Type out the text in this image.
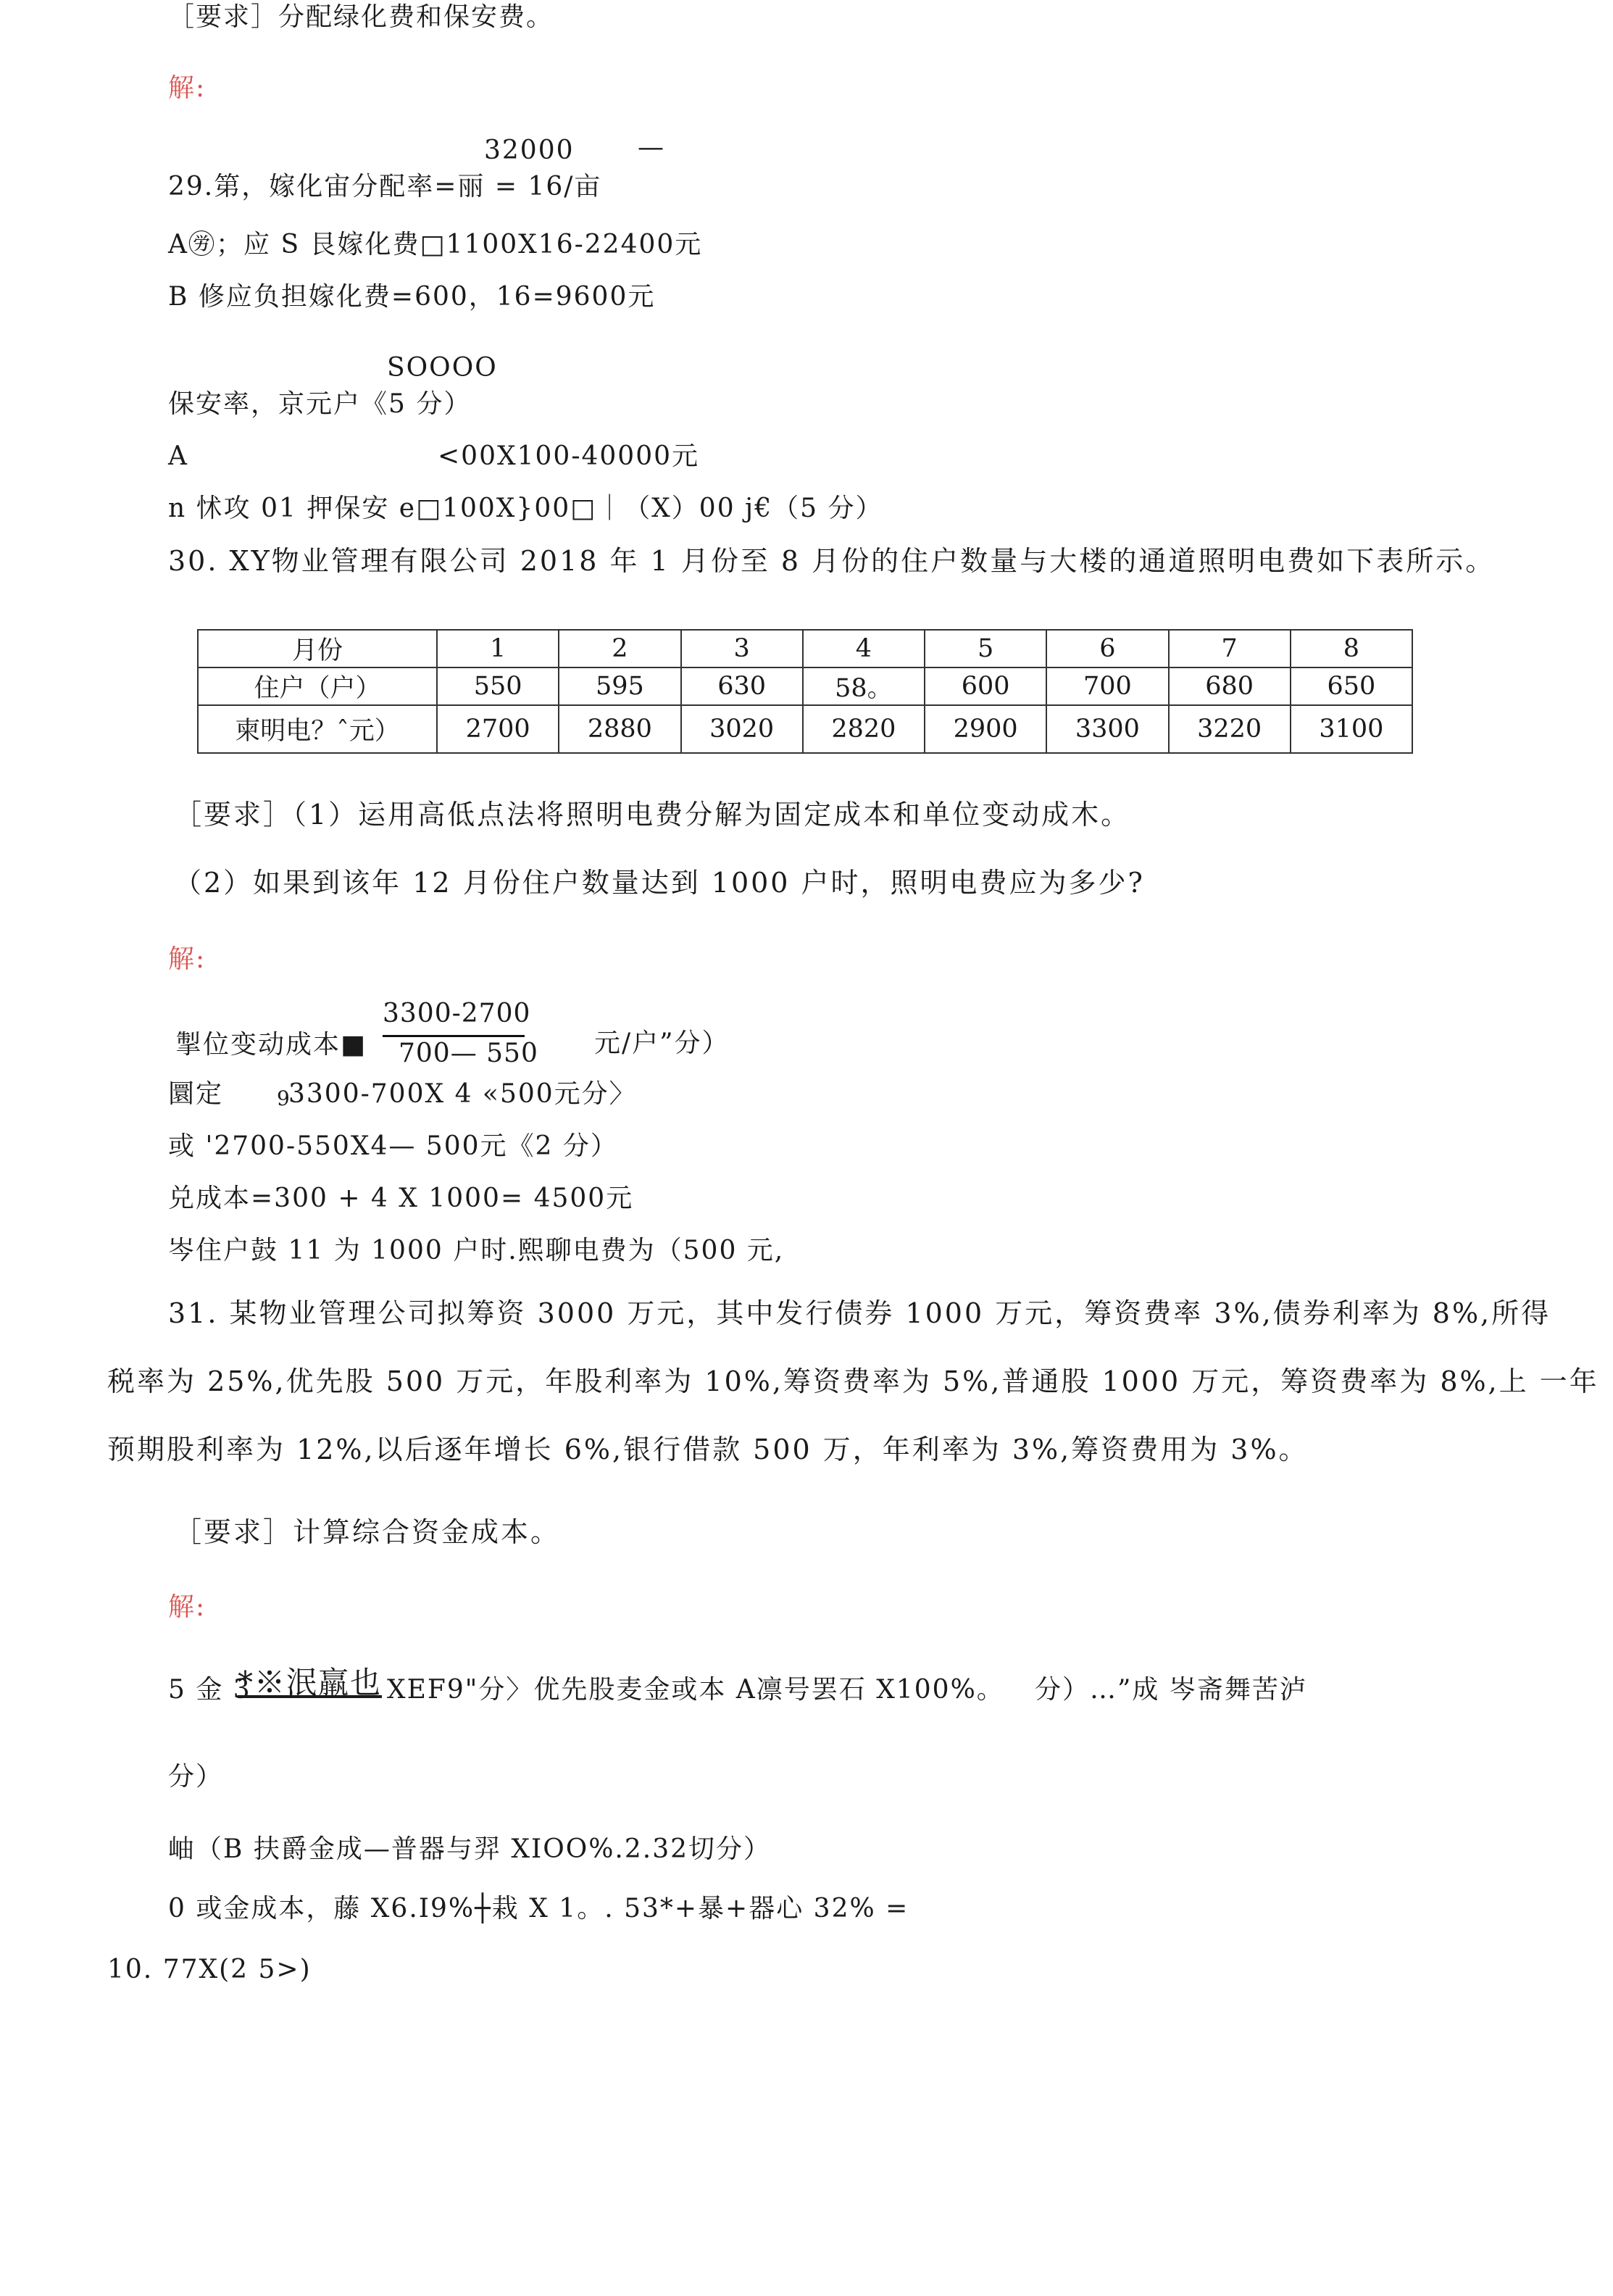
［要求］分配绿化费和保安费。
解:
32000 —
29.第，嫁化宙分配率=丽 = 16/亩
A㊘；应 S 艮嫁化费□1100X16-22400元
B 修应负担嫁化费=600，16=9600元
SOOOO
保安率，京元户《5 分）
A	<00X100-40000元
n 怵攻 01 押保安 e□100X}00□｜（X）00 j€（5 分）
30. XY物业管理有限公司 2018 年 1 月份至 8 月份的住户数量与大楼的通道照明电费如下表所示。
月份	1	2	3	4	5	6	7	8
住户（户）	550	595	630	58。	600	700	680	650
柬明电？ˆ元）	2700	2880	3020	2820	2900	3300	3220	3100
［要求］（1）运用高低点法将照明电费分解为固定成本和单位变动成木。
（2）如果到该年 12 月份住户数量达到 1000 户时，照明电费应为多少?
解:
掣位变动成本■
3300-2700
700— 550 元/户”分）
圜定	9
3300-700X 4 «500元分〉
或 '2700-550X4— 500元《2 分）
兑成本=300 + 4 X 1000= 4500元
岑住户鼓 11 为 1000 户时.熙聊电费为（500 元,
31. 某物业管理公司拟筹资 3000 万元，其中发行债券 1000 万元，筹资费率 3%,债券利率为 8%,所得
税率为 25%,优先股 500 万元，年股利率为 10%,筹资费率为 5%,普通股 1000 万元，筹资费率为 8%,上 一年
预期股利率为 12%,以后逐年增长 6%,银行借款 500 万，年利率为 3%,筹资费用为 3%。
［要求］计算综合资金成本。
解:
5 金 3
*※泯羸也 XEF9"分〉优先股麦金或本 A凛号罢石 X100%。 分）…”成 岑斋舞苦泸
分）
岫（B 扶爵金成—普器与羿 XIOO%.2.32切分）
0 或金成本，藤 X6.I9%┼栽 X 1。. 53*+暴+器心 32% =
10. 77X(2 5>)
